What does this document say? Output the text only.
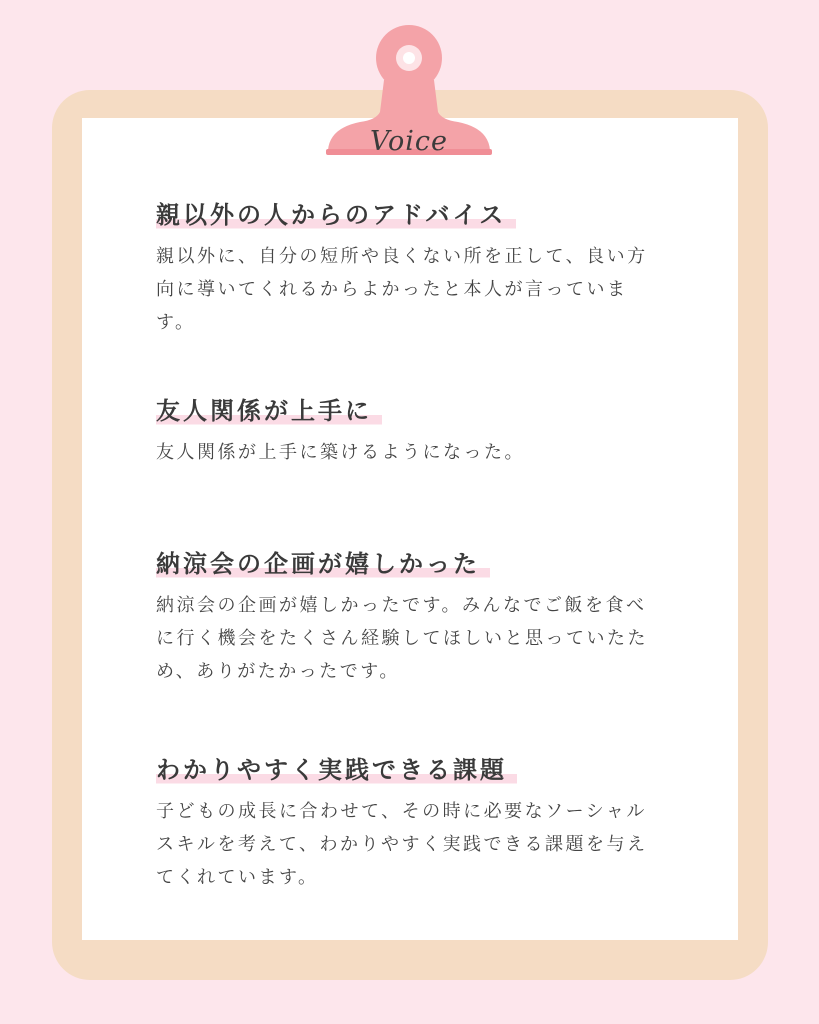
Voice
親以外の人からのアドバイス

親以外に、自分の短所や良くない所を正して、良い方向に導いてくれるからよかったと本人が言っています。

友人関係が上手に

友人関係が上手に築けるようになった。

納涼会の企画が嬉しかった

納涼会の企画が嬉しかったです。みんなでご飯を食べに行く機会をたくさん経験してほしいと思っていたため、ありがたかったです。

わかりやすく実践できる課題

子どもの成長に合わせて、その時に必要なソーシャルスキルを考えて、わかりやすく実践できる課題を与えてくれています。
